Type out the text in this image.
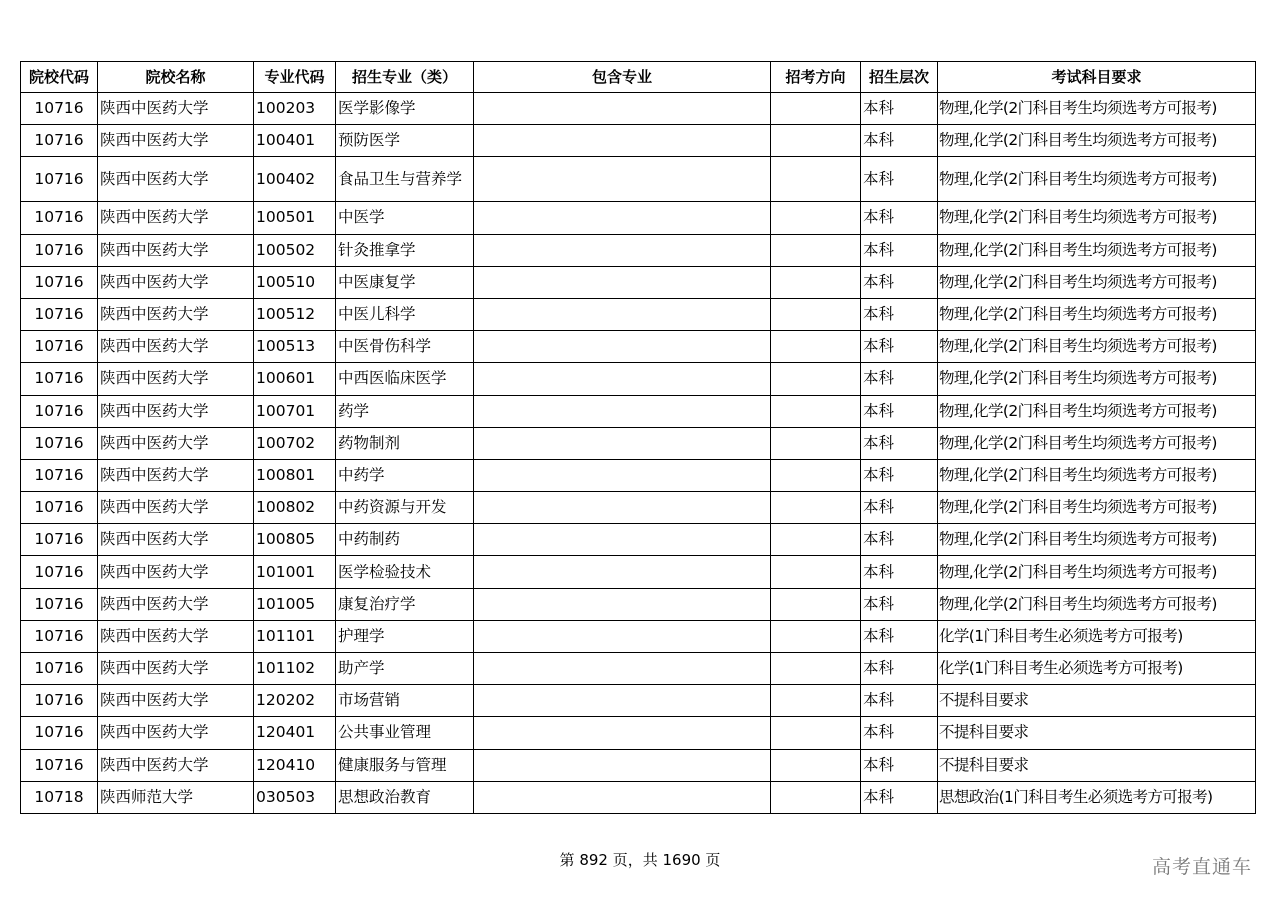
院校代码	院校名称	专业代码	招生专业（类）	包含专业	招考方向	招生层次	考试科目要求
10716	陕西中医药大学	100203	医学影像学			本科	物理,化学(2门科目考生均须选考方可报考)
10716	陕西中医药大学	100401	预防医学			本科	物理,化学(2门科目考生均须选考方可报考)
10716	陕西中医药大学	100402	食品卫生与营养学			本科	物理,化学(2门科目考生均须选考方可报考)
10716	陕西中医药大学	100501	中医学			本科	物理,化学(2门科目考生均须选考方可报考)
10716	陕西中医药大学	100502	针灸推拿学			本科	物理,化学(2门科目考生均须选考方可报考)
10716	陕西中医药大学	100510	中医康复学			本科	物理,化学(2门科目考生均须选考方可报考)
10716	陕西中医药大学	100512	中医儿科学			本科	物理,化学(2门科目考生均须选考方可报考)
10716	陕西中医药大学	100513	中医骨伤科学			本科	物理,化学(2门科目考生均须选考方可报考)
10716	陕西中医药大学	100601	中西医临床医学			本科	物理,化学(2门科目考生均须选考方可报考)
10716	陕西中医药大学	100701	药学			本科	物理,化学(2门科目考生均须选考方可报考)
10716	陕西中医药大学	100702	药物制剂			本科	物理,化学(2门科目考生均须选考方可报考)
10716	陕西中医药大学	100801	中药学			本科	物理,化学(2门科目考生均须选考方可报考)
10716	陕西中医药大学	100802	中药资源与开发			本科	物理,化学(2门科目考生均须选考方可报考)
10716	陕西中医药大学	100805	中药制药			本科	物理,化学(2门科目考生均须选考方可报考)
10716	陕西中医药大学	101001	医学检验技术			本科	物理,化学(2门科目考生均须选考方可报考)
10716	陕西中医药大学	101005	康复治疗学			本科	物理,化学(2门科目考生均须选考方可报考)
10716	陕西中医药大学	101101	护理学			本科	化学(1门科目考生必须选考方可报考)
10716	陕西中医药大学	101102	助产学			本科	化学(1门科目考生必须选考方可报考)
10716	陕西中医药大学	120202	市场营销			本科	不提科目要求
10716	陕西中医药大学	120401	公共事业管理			本科	不提科目要求
10716	陕西中医药大学	120410	健康服务与管理			本科	不提科目要求
10718	陕西师范大学	030503	思想政治教育			本科	思想政治(1门科目考生必须选考方可报考)
第 892 页，共 1690 页	高考直通车
